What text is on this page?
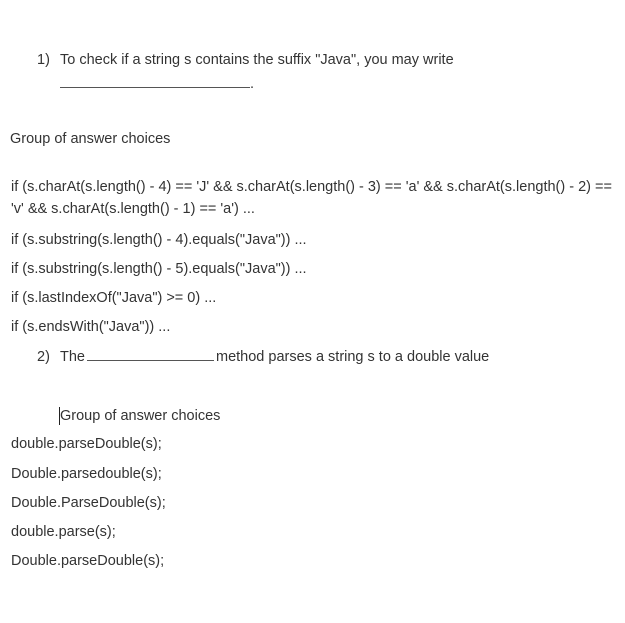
1) To check if a string s contains the suffix "Java", you may write
.
Group of answer choices
if (s.charAt(s.length() - 4) == 'J' && s.charAt(s.length() - 3) == 'a' && s.charAt(s.length() - 2) == 'v' && s.charAt(s.length() - 1) == 'a') ...
if (s.substring(s.length() - 4).equals("Java")) ...
if (s.substring(s.length() - 5).equals("Java")) ...
if (s.lastIndexOf("Java") >= 0) ...
if (s.endsWith("Java")) ...
2) The	method parses a string s to a double value
Group of answer choices
double.parseDouble(s);
Double.parsedouble(s);
Double.ParseDouble(s);
double.parse(s);
Double.parseDouble(s);
